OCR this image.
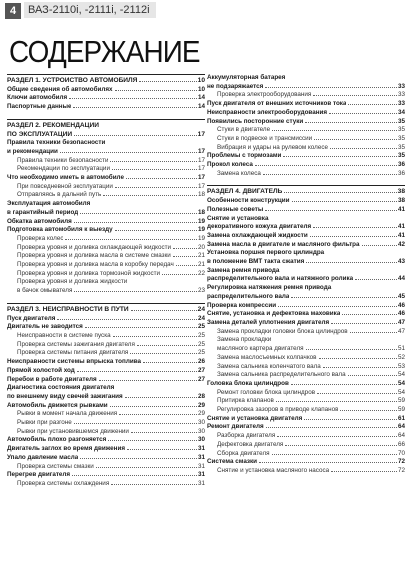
4	ВАЗ-2110і, -2111і, -2112і
СОДЕРЖАНИЕ
РАЗДЕЛ 1. УСТРОЙСТВО АВТОМОБИЛЯ	10
Общие сведения об автомобилях	10
Ключи автомобиля	14
Паспортные данные	14
РАЗДЕЛ 2. РЕКОМЕНДАЦИИ
ПО ЭКСПЛУАТАЦИИ	17
Правила техники безопасности
и рекомендации	17
Правила техники безопасности	17
Рекомендации по эксплуатации	17
Что необходимо иметь в автомобиле	17
При повседневной эксплуатации	17
Отправляясь в дальний путь	18
Эксплуатация автомобиля
в гарантийный период	18
Обкатка автомобиля	19
Подготовка автомобиля к выезду	19
Проверка колес	19
Проверка уровня и доливка охлаждающей жидкости	20
Проверка уровня и доливка масла в системе смазки	21
Проверка уровня и доливка масла в коробку передач	21
Проверка уровня и доливка тормозной жидкости	22
Проверка уровня и доливка жидкости
в бачок омывателя	23
РАЗДЕЛ 3. НЕИСПРАВНОСТИ В ПУТИ	24
Пуск двигателя	24
Двигатель не заводится	25
Неисправности в системе пуска	25
Проверка системы зажигания двигателя	25
Проверка системы питания двигателя	25
Неисправности системы впрыска топлива	26
Прямой холостой ход	27
Перебои в работе двигателя	27
Диагностика состояния двигателя
по внешнему виду свечей зажигания	28
Автомобиль движется рывками	29
Рывки в момент начала движения	29
Рывки при разгоне	30
Рывки при установившемся движении	30
Автомобиль плохо разгоняется	30
Двигатель заглох во время движения	31
Упало давление масла	31
Проверка системы смазки	31
Перегрев двигателя	31
Проверка системы охлаждения	31
Аккумуляторная батарея
не подзаряжается	33
Проверка электрооборудования	33
Пуск двигателя от внешних источников тока	33
Неисправности электрооборудования	34
Появились посторонние стуки	35
Стуки в двигателе	35
Стуки в подвеске и трансмиссии	35
Вибрация и удары на рулевом колесе	35
Проблемы с тормозами	35
Прокол колеса	36
Замена колеса	36
РАЗДЕЛ 4. ДВИГАТЕЛЬ	38
Особенности конструкции	38
Полезные советы	41
Снятие и установка
декоративного кожуха двигателя	41
Замена охлаждающей жидкости	41
Замена масла в двигателе и масляного фильтра	42
Установка поршня первого цилиндра
в положение ВМТ такта сжатия	43
Замена ремня привода
распределительного вала и натяжного ролика	44
Регулировка натяжения ремня привода
распределительного вала	45
Проверка компрессии	46
Снятие, установка и дефектовка маховика	46
Замена деталей уплотнения двигателя	47
Замена прокладки головки блока цилиндров	47
Замена прокладки
масляного картера двигателя	51
Замена маслосъемных колпачков	52
Замена сальника коленчатого вала	53
Замена сальника распределительного вала	54
Головка блока цилиндров	54
Ремонт головки блока цилиндров	54
Притирка клапанов	59
Регулировка зазоров в приводе клапанов	59
Снятие и установка двигателя	61
Ремонт двигателя	64
Разборка двигателя	64
Дефектовка двигателя	66
Сборка двигателя	70
Система смазки	72
Снятие и установка масляного насоса	72
